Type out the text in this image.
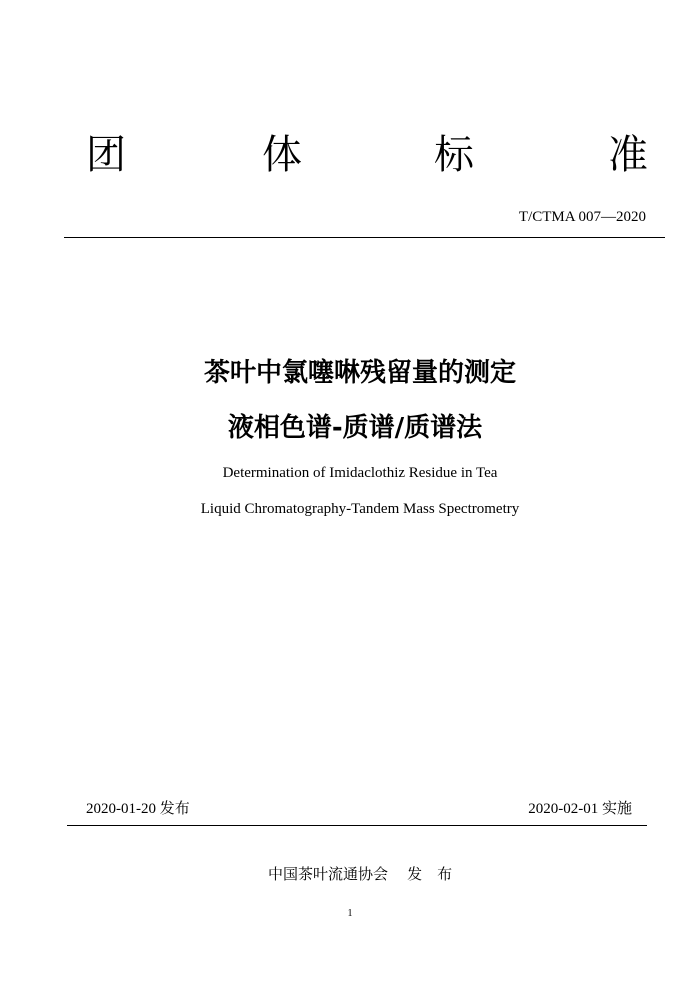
团	体	标	准
T/CTMA 007—2020
茶叶中氯噻啉残留量的测定
液相色谱-质谱/质谱法
Determination of Imidaclothiz Residue in Tea
Liquid Chromatography-Tandem Mass Spectrometry
2020-01-20 发布	2020-02-01 实施
中国茶叶流通协会 发　布
1
